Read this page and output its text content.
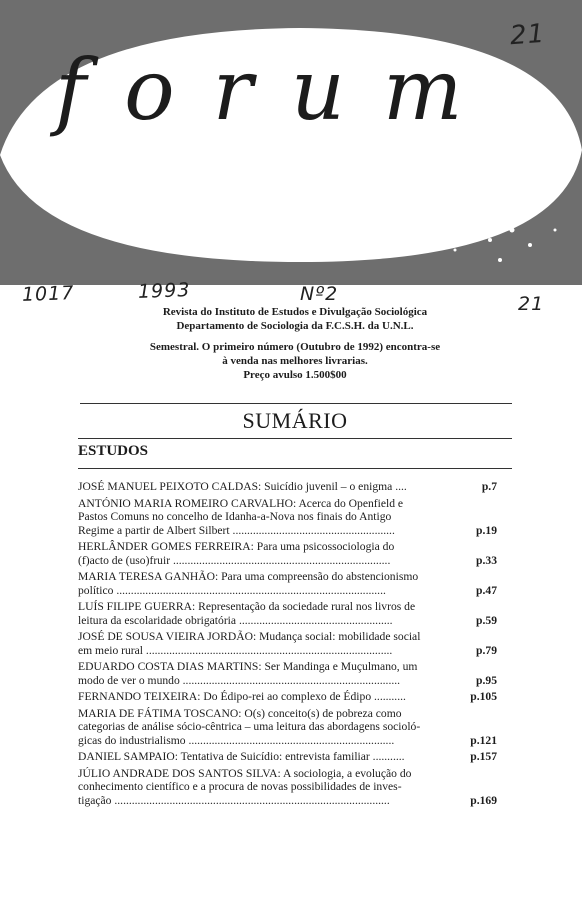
forum
SOCIOLÓGICO
21
1017	1993	Nº2	21
Revista do Instituto de Estudos e Divulgação Sociológica
Departamento de Sociologia da F.C.S.H. da U.N.L.
Semestral. O primeiro número (Outubro de 1992) encontra-se
à venda nas melhores livrarias.
Preço avulso 1.500$00
SUMÁRIO
ESTUDOS
JOSÉ MANUEL PEIXOTO CALDAS: Suicídio juvenil – o enigma ....	p.7
ANTÓNIO MARIA ROMEIRO CARVALHO: Acerca do Openfield e
Pastos Comuns no concelho de Idanha-a-Nova nos finais do Antigo
Regime a partir de Albert Silbert ........................................................	p.19
HERLÂNDER GOMES FERREIRA: Para uma psicossociologia do
(f)acto de (uso)fruir ...........................................................................	p.33
MARIA TERESA GANHÃO: Para uma compreensão do abstencionismo
político .............................................................................................	p.47
LUÍS FILIPE GUERRA: Representação da sociedade rural nos livros de
leitura da escolaridade obrigatória .....................................................	p.59
JOSÉ DE SOUSA VIEIRA JORDÃO: Mudança social: mobilidade social
em meio rural .....................................................................................	p.79
EDUARDO COSTA DIAS MARTINS: Ser Mandinga e Muçulmano, um
modo de ver o mundo ...........................................................................	p.95
FERNANDO TEIXEIRA: Do Édipo-rei ao complexo de Édipo ...........	p.105
MARIA DE FÁTIMA TOSCANO: O(s) conceito(s) de pobreza como
categorias de análise sócio-cêntrica – uma leitura das abordagens socioló-
gicas do industrialismo .......................................................................	p.121
DANIEL SAMPAIO: Tentativa de Suicídio: entrevista familiar ...........	p.157
JÚLIO ANDRADE DOS SANTOS SILVA: A sociologia, a evolução do
conhecimento científico e a procura de novas possibilidades de inves-
tigação ...............................................................................................	p.169
